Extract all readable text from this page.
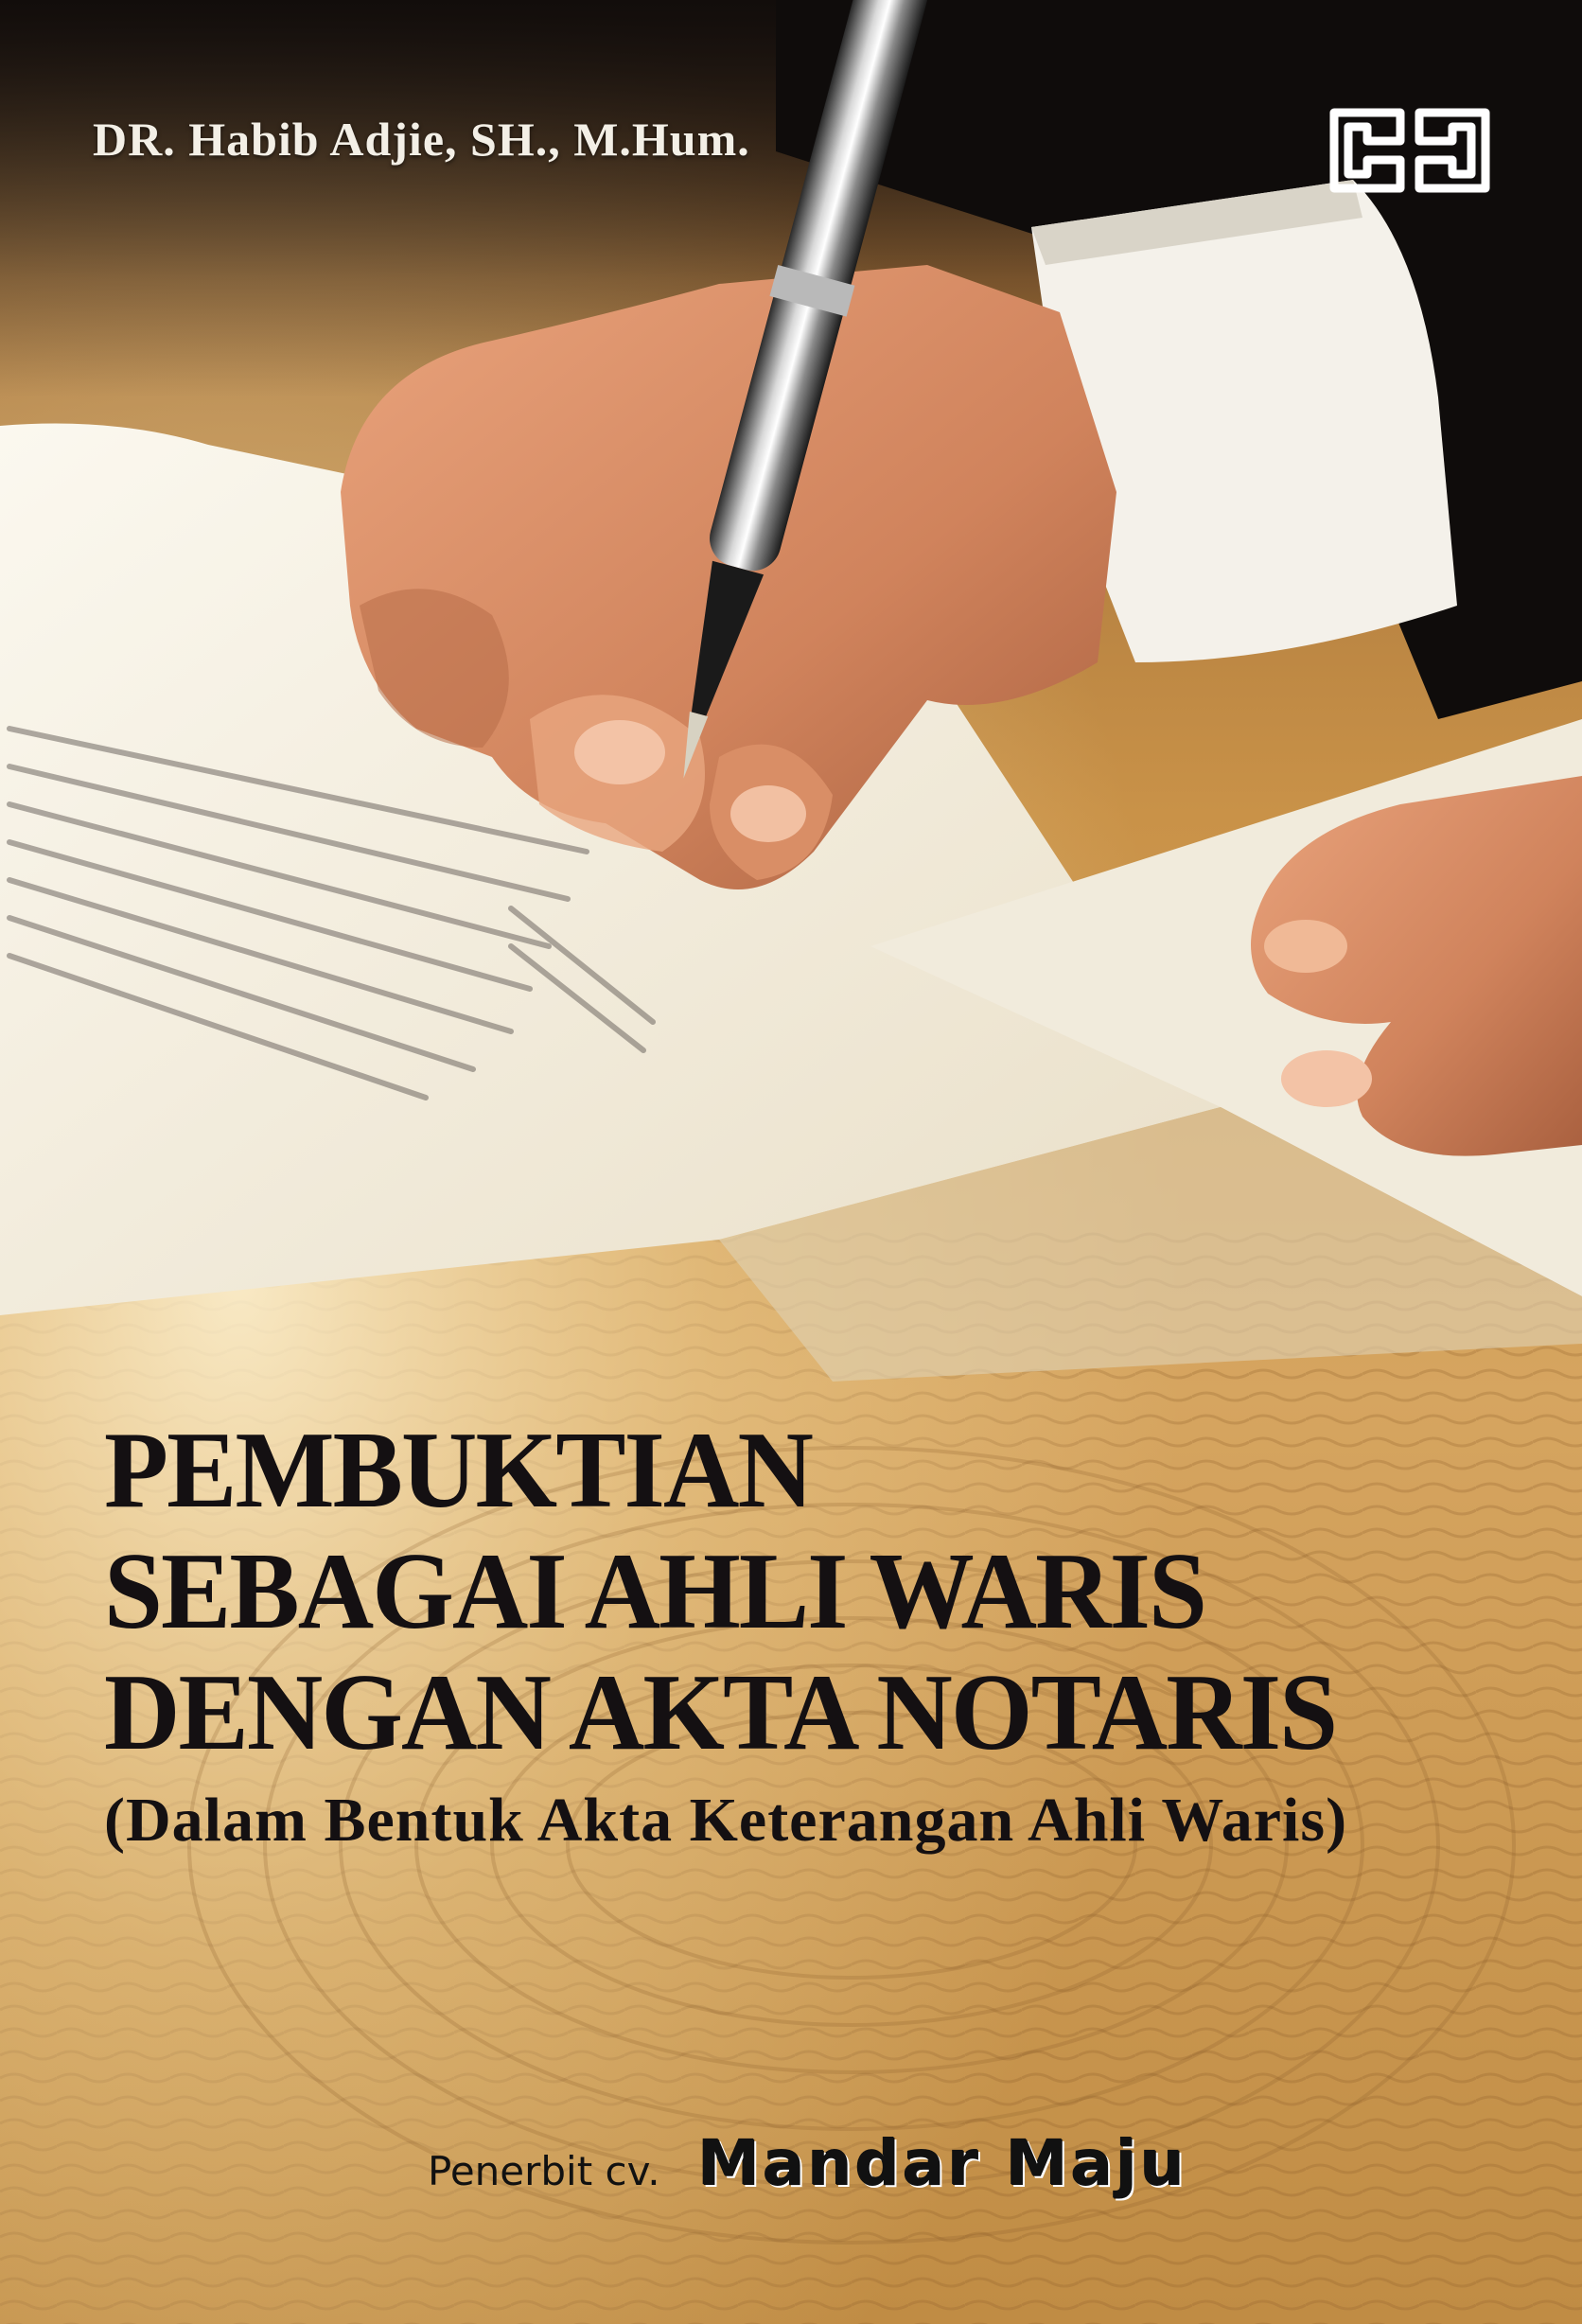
DR. Habib Adjie, SH., M.Hum.
PEMBUKTIAN
SEBAGAI AHLI WARIS
DENGAN AKTA NOTARIS
(Dalam Bentuk Akta Keterangan Ahli Waris)
Penerbit cv. Mandar Maju
